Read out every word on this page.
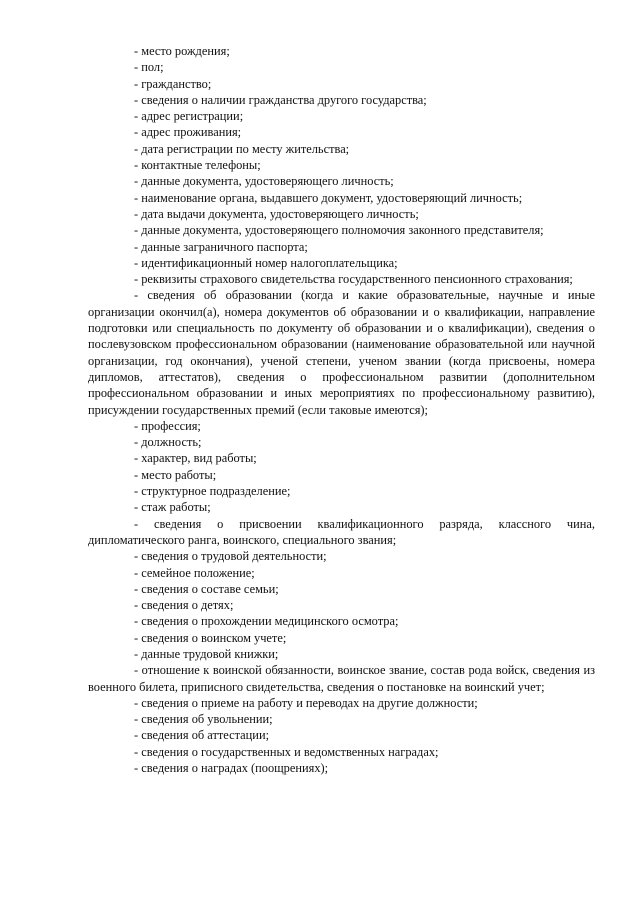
- место рождения;

- пол;

- гражданство;

- сведения о наличии гражданства другого государства;

- адрес регистрации;

- адрес проживания;

- дата регистрации по месту жительства;

- контактные телефоны;

- данные документа, удостоверяющего личность;

- наименование органа, выдавшего документ, удостоверяющий личность;

- дата выдачи документа, удостоверяющего личность;

- данные документа, удостоверяющего полномочия законного представителя;

- данные заграничного паспорта;

- идентификационный номер налогоплательщика;

- реквизиты страхового свидетельства государственного пенсионного страхования;

- сведения об образовании (когда и какие образовательные, научные и иные организации окончил(а), номера документов об образовании и о квалификации, направление подготовки или специальность по документу об образовании и о квалификации), сведения о послевузовском профессиональном образовании (наименование образовательной или научной организации, год окончания), ученой степени, ученом звании (когда присвоены, номера дипломов, аттестатов), сведения о профессиональном развитии (дополнительном профессиональном образовании и иных мероприятиях по профессиональному развитию), присуждении государственных премий (если таковые имеются);

- профессия;

- должность;

- характер, вид работы;

- место работы;

- структурное подразделение;

- стаж работы;

- сведения о присвоении квалификационного разряда, классного чина, дипломатического ранга, воинского, специального звания;

- сведения о трудовой деятельности;

- семейное положение;

- сведения о составе семьи;

- сведения о детях;

- сведения о прохождении медицинского осмотра;

- сведения о воинском учете;

- данные трудовой книжки;

- отношение к воинской обязанности, воинское звание, состав рода войск, сведения из военного билета, приписного свидетельства, сведения о постановке на воинский учет;

- сведения о приеме на работу и переводах на другие должности;

- сведения об увольнении;

- сведения об аттестации;

- сведения о государственных и ведомственных наградах;

- сведения о наградах (поощрениях);
